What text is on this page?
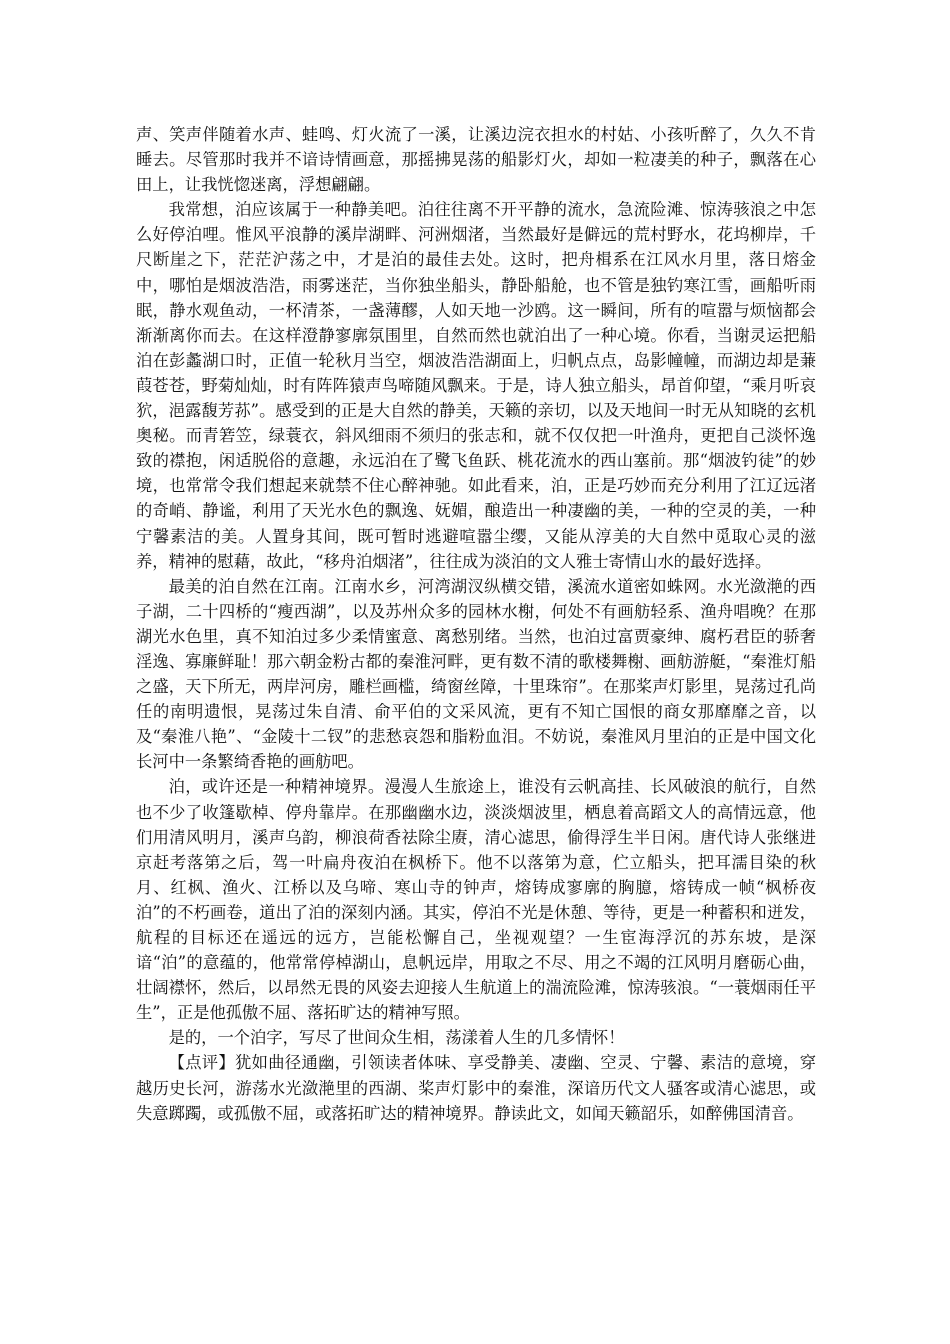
声、笑声伴随着水声、蛙鸣、灯火流了一溪，让溪边浣衣担水的村姑、小孩听醉了，久久不肯睡去。尽管那时我并不谙诗情画意，那摇拂晃荡的船影灯火，却如一粒凄美的种子，飘落在心田上，让我恍惚迷离，浮想翩翩。

我常想，泊应该属于一种静美吧。泊往往离不开平静的流水，急流险滩、惊涛骇浪之中怎么好停泊哩。惟风平浪静的溪岸湖畔、河洲烟渚，当然最好是僻远的荒村野水，花坞柳岸，千尺断崖之下，茫茫沪荡之中，才是泊的最佳去处。这时，把舟楫系在江风水月里，落日熔金中，哪怕是烟波浩浩，雨雾迷茫，当你独坐船头，静卧船舱，也不管是独钓寒江雪，画船听雨眠，静水观鱼动，一杯清茶，一盏薄醪，人如天地一沙鸥。这一瞬间，所有的喧嚣与烦恼都会渐渐离你而去。在这样澄静寥廓氛围里，自然而然也就泊出了一种心境。你看，当谢灵运把船泊在彭蠡湖口时，正值一轮秋月当空，烟波浩浩湖面上，归帆点点，岛影幢幢，而湖边却是蒹葭苍苍，野菊灿灿，时有阵阵猿声鸟啼随风飘来。于是，诗人独立船头，昂首仰望，“乘月听哀狖，浥露馥芳荪”。感受到的正是大自然的静美，天籁的亲切，以及天地间一时无从知晓的玄机奥秘。而青箬笠，绿蓑衣，斜风细雨不须归的张志和，就不仅仅把一叶渔舟，更把自己淡怀逸致的襟抱，闲适脱俗的意趣，永远泊在了鹭飞鱼跃、桃花流水的西山塞前。那“烟波钓徒”的妙境，也常常令我们想起来就禁不住心醉神驰。如此看来，泊，正是巧妙而充分利用了江辽远渚的奇峭、静谧，利用了天光水色的飘逸、妩媚，酿造出一种凄幽的美，一种的空灵的美，一种宁馨素洁的美。人置身其间，既可暂时逃避喧嚣尘缨，又能从淳美的大自然中觅取心灵的滋养，精神的慰藉，故此，“移舟泊烟渚”，往往成为淡泊的文人雅士寄情山水的最好选择。

最美的泊自然在江南。江南水乡，河湾湖汊纵横交错，溪流水道密如蛛网。水光潋滟的西子湖，二十四桥的“瘦西湖”，以及苏州众多的园林水榭，何处不有画舫轻系、渔舟唱晚？在那湖光水色里，真不知泊过多少柔情蜜意、离愁别绪。当然，也泊过富贾豪绅、腐朽君臣的骄奢淫逸、寡廉鲜耻！那六朝金粉古都的秦淮河畔，更有数不清的歌楼舞榭、画舫游艇，“秦淮灯船之盛，天下所无，两岸河房，雕栏画槛，绮窗丝障，十里珠帘”。在那桨声灯影里，晃荡过孔尚任的南明遗恨，晃荡过朱自清、俞平伯的文采风流，更有不知亡国恨的商女那靡靡之音，以及“秦淮八艳”、“金陵十二钗”的悲愁哀怨和脂粉血泪。不妨说，秦淮风月里泊的正是中国文化长河中一条繁绮香艳的画舫吧。

泊，或许还是一种精神境界。漫漫人生旅途上，谁没有云帆高挂、长风破浪的航行，自然也不少了收篷歇棹、停舟靠岸。在那幽幽水边，淡淡烟波里，栖息着高蹈文人的高情远意，他们用清风明月，溪声乌韵，柳浪荷香祛除尘赓，清心滤思，偷得浮生半日闲。唐代诗人张继进京赶考落第之后，驾一叶扁舟夜泊在枫桥下。他不以落第为意，伫立船头，把耳濡目染的秋月、红枫、渔火、江桥以及乌啼、寒山寺的钟声，熔铸成寥廓的胸臆，熔铸成一帧“枫桥夜泊”的不朽画卷，道出了泊的深刻内涵。其实，停泊不光是休憩、等待，更是一种蓄积和迸发，航程的目标还在遥远的远方，岂能松懈自己，坐视观望？一生宦海浮沉的苏东坡，是深谙“泊”的意蕴的，他常常停棹湖山，息帆远岸，用取之不尽、用之不竭的江风明月磨砺心曲，壮阔襟怀，然后，以昂然无畏的风姿去迎接人生航道上的湍流险滩，惊涛骇浪。“一蓑烟雨任平生”，正是他孤傲不屈、落拓旷达的精神写照。

是的，一个泊字，写尽了世间众生相，荡漾着人生的几多情怀！

【点评】犹如曲径通幽，引领读者体味、享受静美、凄幽、空灵、宁馨、素洁的意境，穿越历史长河，游荡水光潋滟里的西湖、桨声灯影中的秦淮，深谙历代文人骚客或清心滤思，或失意踯躅，或孤傲不屈，或落拓旷达的精神境界。静读此文，如闻天籁韶乐，如醉佛国清音。
